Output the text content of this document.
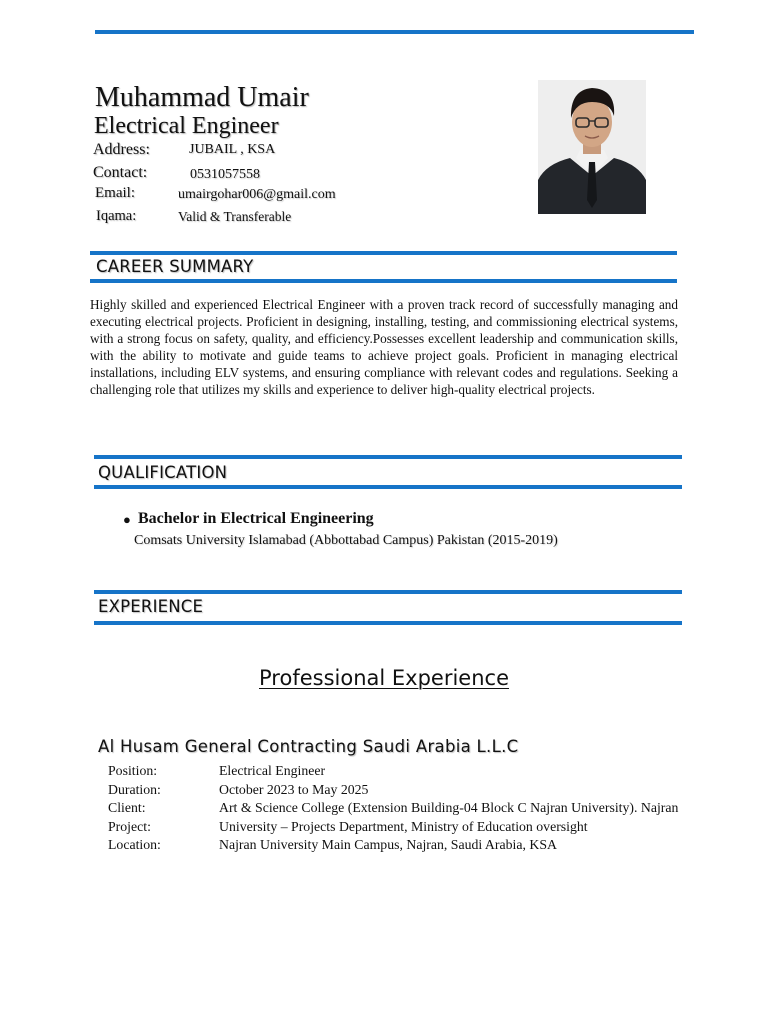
Muhammad Umair
Electrical Engineer
Address:	JUBAIL , KSA
Contact:	0531057558
Email:	umairgohar006@gmail.com
Iqama:	Valid & Transferable
CAREER SUMMARY
Highly skilled and experienced Electrical Engineer with a proven track record of successfully managing and executing electrical projects. Proficient in designing, installing, testing, and commissioning electrical systems, with a strong focus on safety, quality, and efficiency.Possesses excellent leadership and communication skills, with the ability to motivate and guide teams to achieve project goals. Proficient in managing electrical installations, including ELV systems, and ensuring compliance with relevant codes and regulations. Seeking a challenging role that utilizes my skills and experience to deliver high-quality electrical projects.
QUALIFICATION
● Bachelor in Electrical Engineering
Comsats University Islamabad (Abbottabad Campus) Pakistan (2015-2019)
EXPERIENCE
Professional Experience
Al Husam General Contracting Saudi Arabia L.L.C
Position:	Electrical Engineer
Duration:	October 2023 to May 2025
Client:	Art & Science College (Extension Building-04 Block C Najran University). Najran
Project:	University – Projects Department, Ministry of Education oversight
Location:	Najran University Main Campus, Najran, Saudi Arabia, KSA
